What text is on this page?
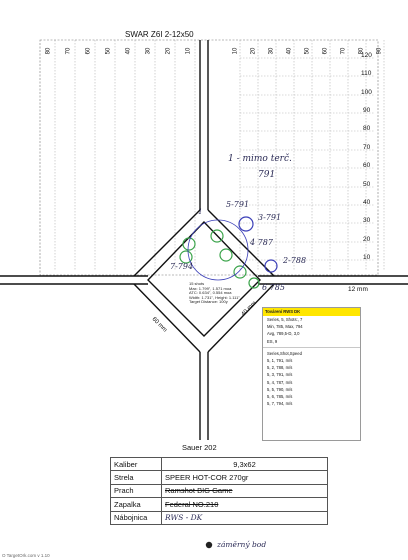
SWAR Z6I 2-12x50
80 70 60 50 40 30 20 10	10 20 30 40 50 60 70 80 90
120
110
100
90
80
70
60
50
40
30
20
10
12 mm
60 mm
40 mm
1 - mimo terč.
791
5-791
1
3-791
4 787
7-794
2-788
6 785
15 shots
Max: 1.799", 1.571 moa
ATC: 0.634", 0.554 moa
Width: 1.731", Height: 1.111"
Target Distance: 100y
Továrení RWS DK
Series, 5, Shots:, 7
Min, 785, Max, 794
Avg, 789,5-D, 3,0
ES, 9
Series,Shot,Speed
5, 1, 791, m/s
5, 2, 788, m/s
5, 3, 791, m/s
5, 4, 787, m/s
5, 5, 790, m/s
5, 6, 785, m/s
5, 7, 794, m/s
Sauer 202
Kaliber	9,3x62
Strela	SPEER HOT-COR 270gr
Prach	Ramshot BIG Game
Zapalka	Federal NO.210
Nábojnica	RWS - DK
O TargetOrk.com v 1.10
záměrný bod
